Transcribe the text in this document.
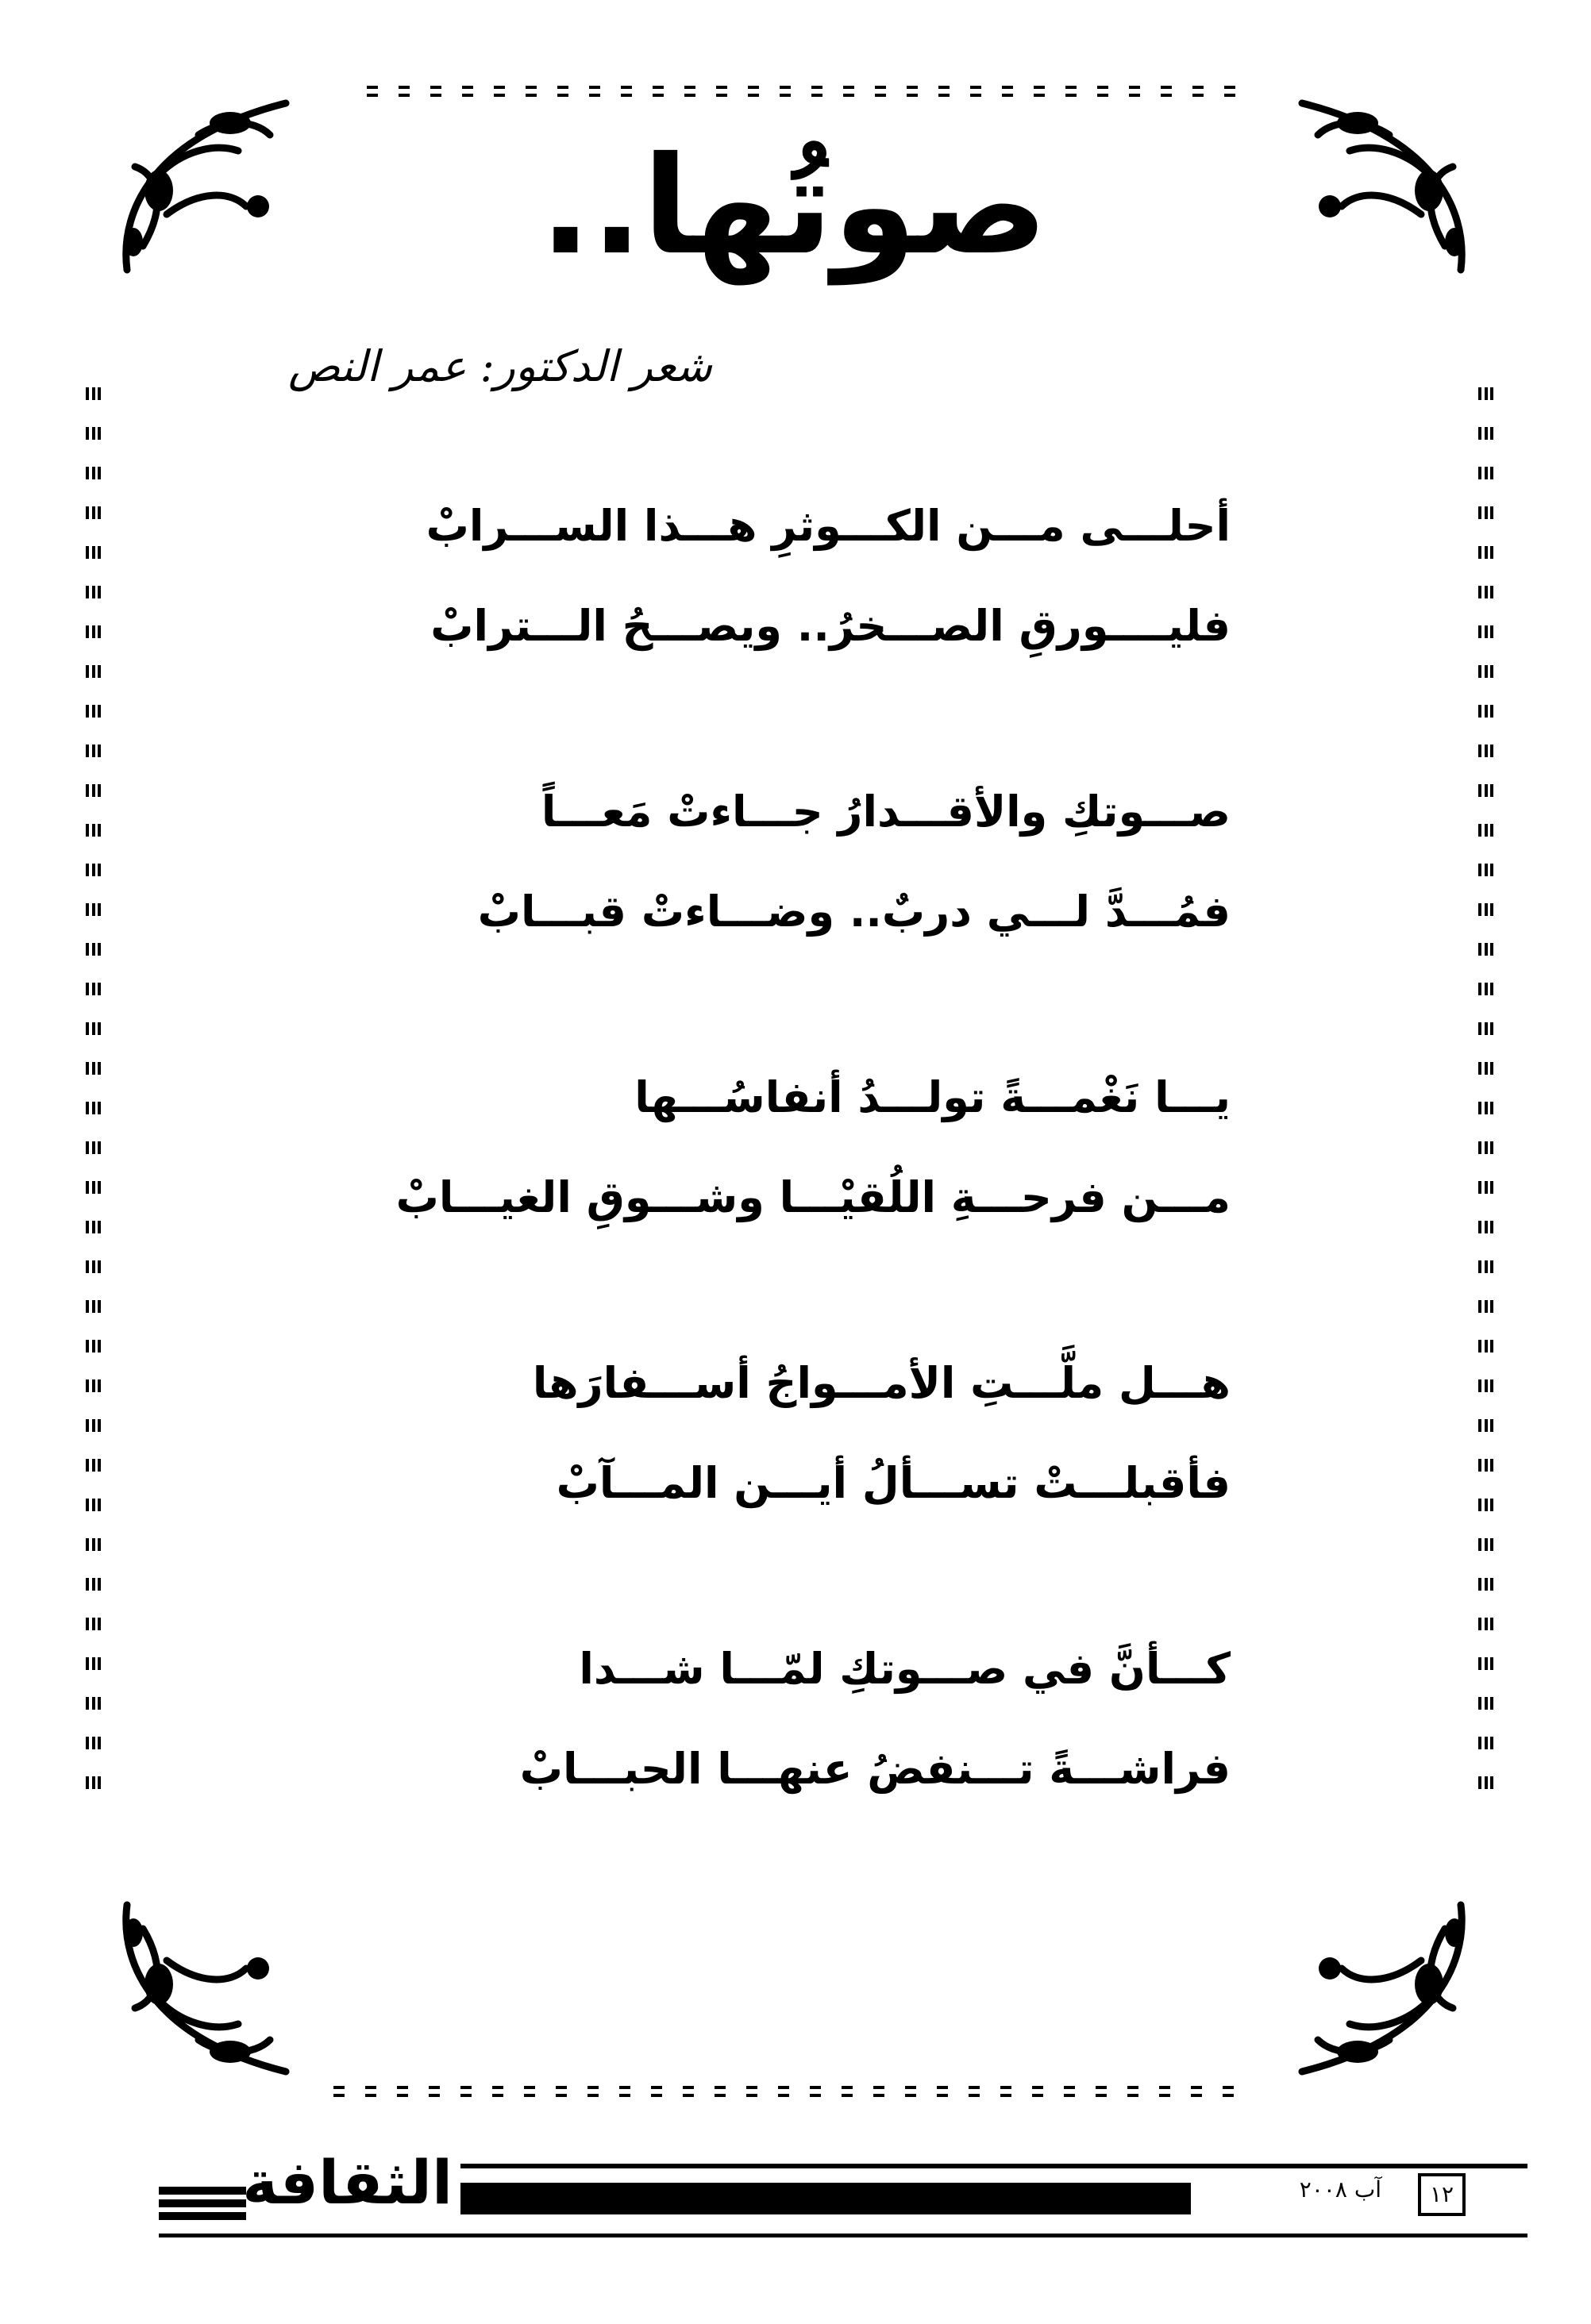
صوتُها..
شعر الدكتور: عمر النص
أحلـــى مـــن الكـــوثرِ هـــذا الســـرابْ
فليــــورقِ الصـــخرُ.. ويصـــحُ الـــترابْ
صـــوتكِ والأقـــدارُ جـــاءتْ مَعـــاً
فمُـــدَّ لـــي دربٌ.. وضـــاءتْ قبـــابْ
يـــا نَغْمـــةً تولـــدُ أنفاسُـــها
مـــن فرحـــةِ اللُقيْـــا وشـــوقِ الغيـــابْ
هـــل ملَّـــتِ الأمـــواجُ أســـفارَها
فأقبلـــتْ تســـألُ أيـــن المـــآبْ
كـــأنَّ في صـــوتكِ لمّـــا شـــدا
فراشـــةً تـــنفضُ عنهـــا الحبـــابْ
الثقافة	آب ٢٠٠٨	١٢
